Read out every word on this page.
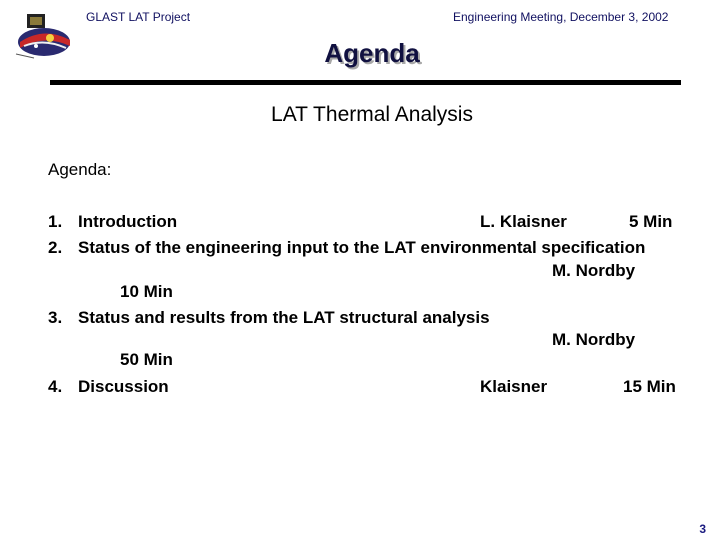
GLAST LAT Project	Engineering Meeting, December 3, 2002
Agenda
LAT Thermal Analysis
Agenda:
1. Introduction	L. Klaisner	5 Min
2. Status of the engineering input to the LAT environmental specification
M. Nordby
10 Min
3. Status and results from the LAT structural analysis
M. Nordby
50 Min
4. Discussion	Klaisner	15 Min
3
